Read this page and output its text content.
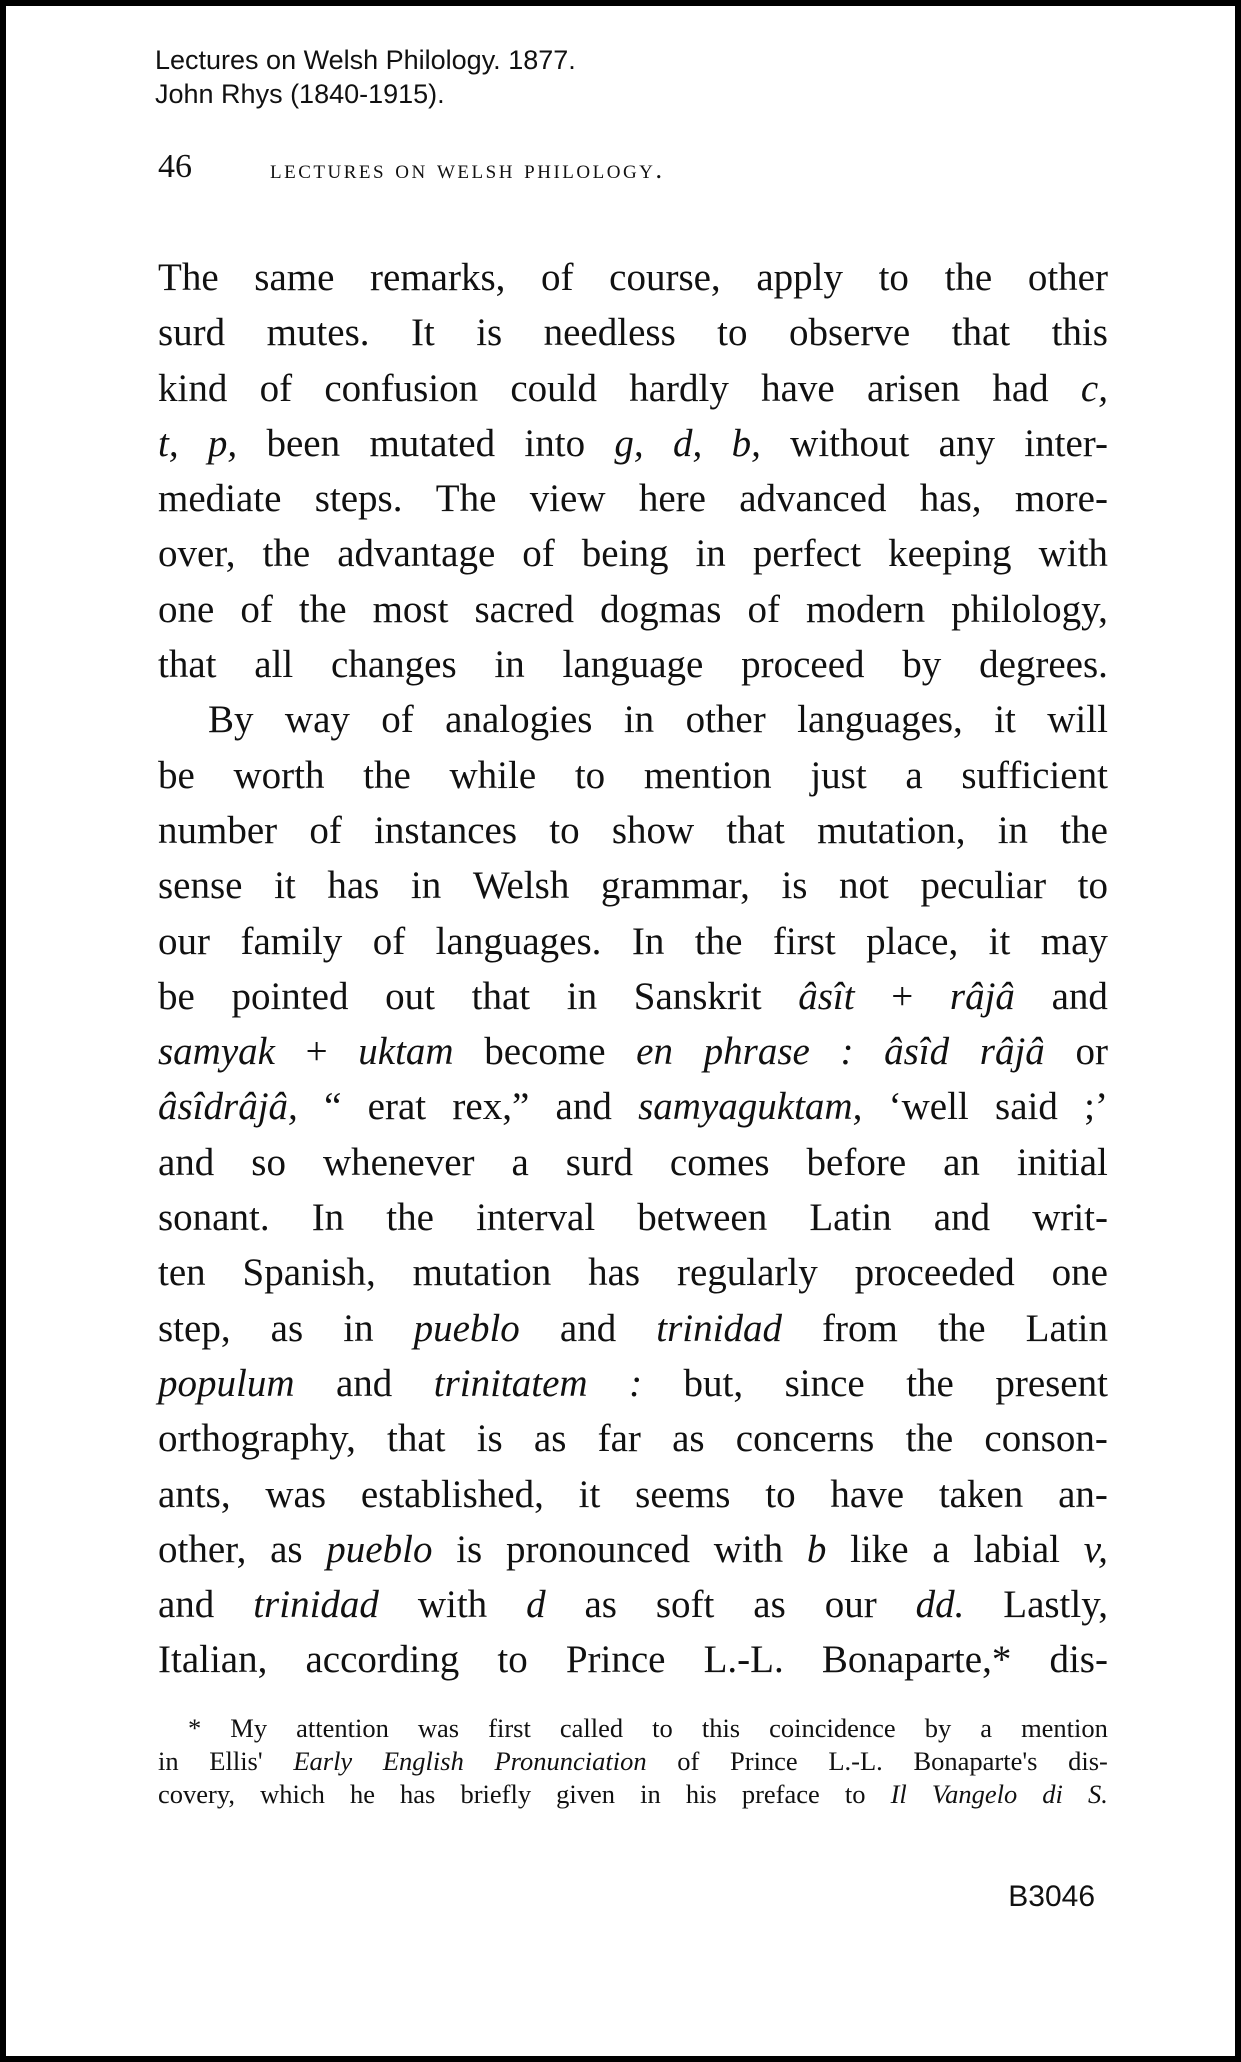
Lectures on Welsh Philology. 1877.
John Rhys (1840-1915).
46	lectures on welsh philology.
The same remarks, of course, apply to the other
surd mutes. It is needless to observe that this
kind of confusion could hardly have arisen had c,
t, p, been mutated into g, d, b, without any inter-
mediate steps. The view here advanced has, more-
over, the advantage of being in perfect keeping with
one of the most sacred dogmas of modern philology,
that all changes in language proceed by degrees.
By way of analogies in other languages, it will
be worth the while to mention just a sufficient
number of instances to show that mutation, in the
sense it has in Welsh grammar, is not peculiar to
our family of languages. In the first place, it may
be pointed out that in Sanskrit âsît + râjâ and
samyak + uktam become en phrase : âsîd râjâ or
âsîdrâjâ, “ erat rex,” and samyaguktam, ‘well said ;’
and so whenever a surd comes before an initial
sonant. In the interval between Latin and writ-
ten Spanish, mutation has regularly proceeded one
step, as in pueblo and trinidad from the Latin
populum and trinitatem : but, since the present
orthography, that is as far as concerns the conson-
ants, was established, it seems to have taken an-
other, as pueblo is pronounced with b like a labial v,
and trinidad with d as soft as our dd. Lastly,
Italian, according to Prince L.-L. Bonaparte,* dis-
* My attention was first called to this coincidence by a mention
in Ellis' Early English Pronunciation of Prince L.-L. Bonaparte's dis-
covery, which he has briefly given in his preface to Il Vangelo di S.
B3046
